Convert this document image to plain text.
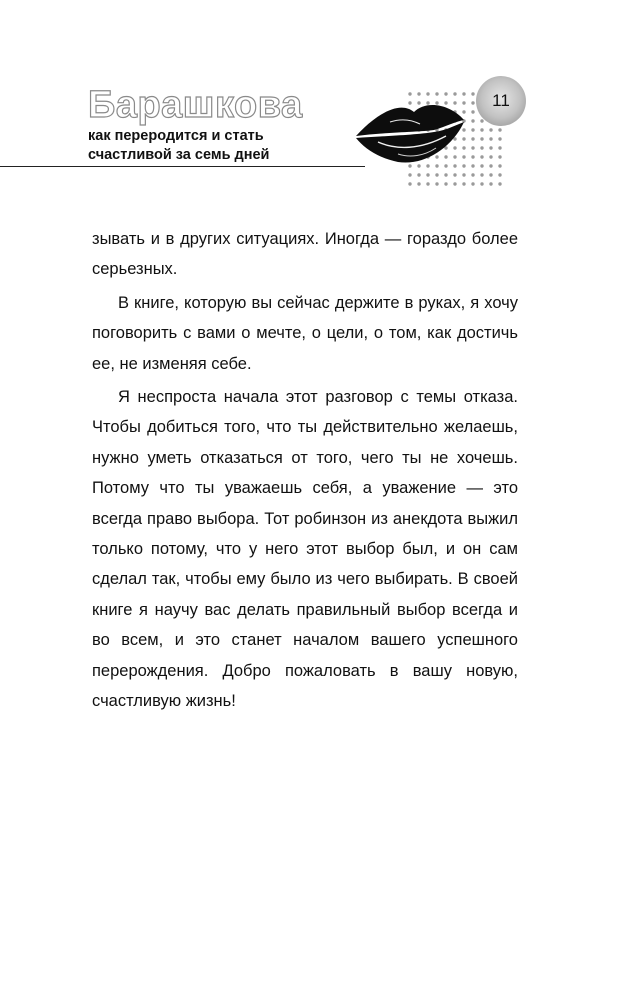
Барашкова
как переродится и стать
счастливой за семь дней
11

зывать и в других ситуациях. Иногда — гораздо более серьезных.

В книге, которую вы сейчас держите в руках, я хочу поговорить с вами о мечте, о цели, о том, как достичь ее, не изменяя себе.

Я неспроста начала этот разговор с темы отказа. Чтобы добиться того, что ты действительно желаешь, нужно уметь отказаться от того, чего ты не хочешь. Потому что ты уважаешь себя, а уважение — это всегда право выбора. Тот робинзон из анекдота выжил только потому, что у него этот выбор был, и он сам сделал так, чтобы ему было из чего выбирать. В своей книге я научу вас делать правильный выбор всегда и во всем, и это станет началом вашего успешного перерождения. Добро пожаловать в вашу новую, счастливую жизнь!
